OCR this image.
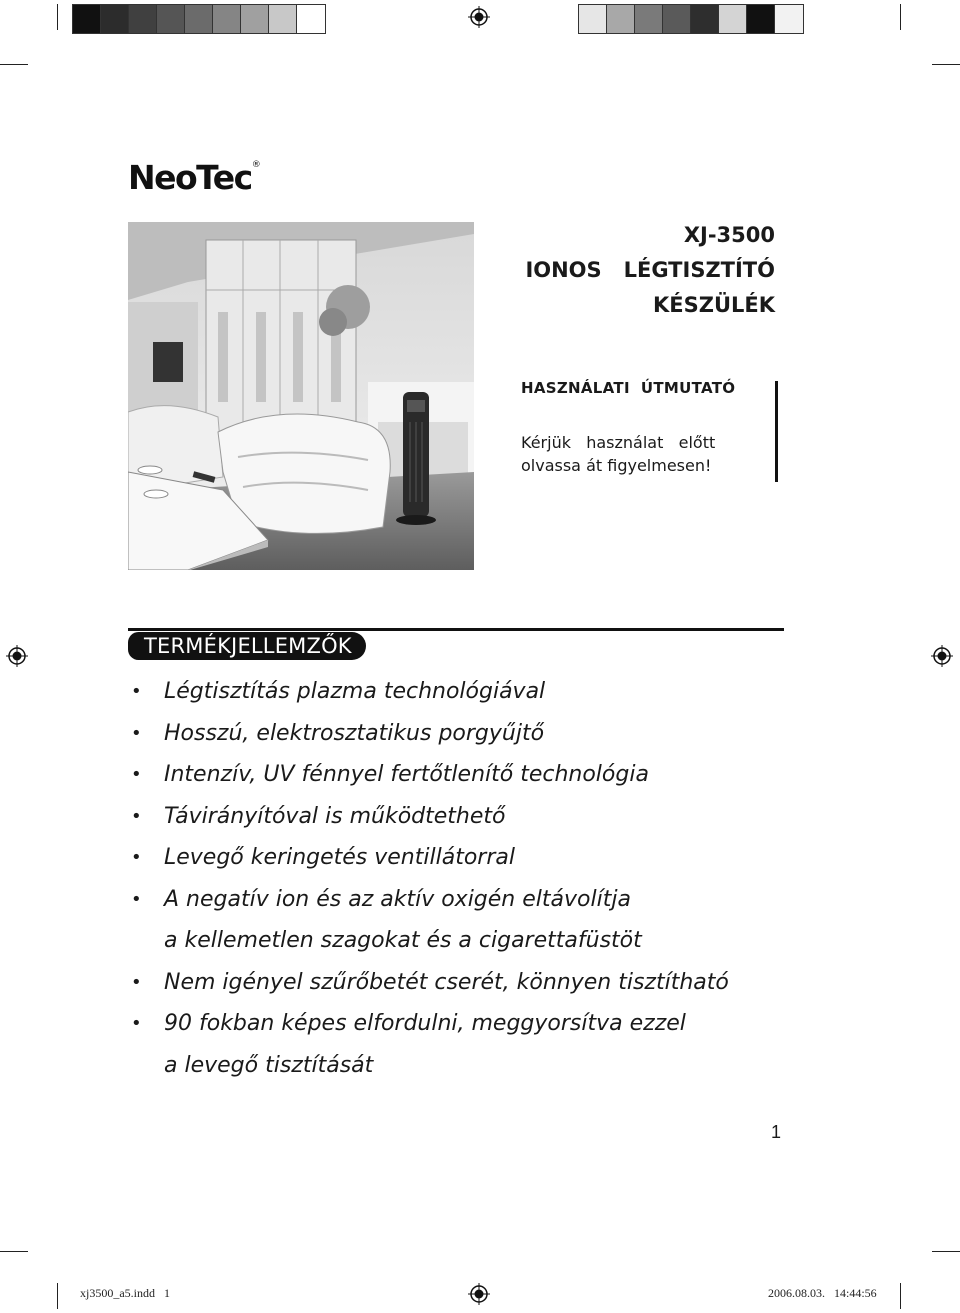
NeoTec®
XJ-3500
IONOS   LÉGTISZTÍTÓ
KÉSZÜLÉK
HASZNÁLATI  ÚTMUTATÓ
Kérjük   használat   előtt
olvassa át figyelmesen!
TERMÉKJELLEMZŐK
• Légtisztítás plazma technológiával
• Hosszú, elektrosztatikus porgyűjtő
• Intenzív, UV fénnyel fertőtlenítő technológia
• Távirányítóval is működtethető
• Levegő keringetés ventillátorral
• A negatív ion és az aktív oxigén eltávolítja
a kellemetlen szagokat és a cigarettafüstöt
• Nem igényel szűrőbetét cserét, könnyen tisztítható
• 90 fokban képes elfordulni, meggyorsítva ezzel
a levegő tisztítását
1
xj3500_a5.indd   1	2006.08.03.   14:44:56
